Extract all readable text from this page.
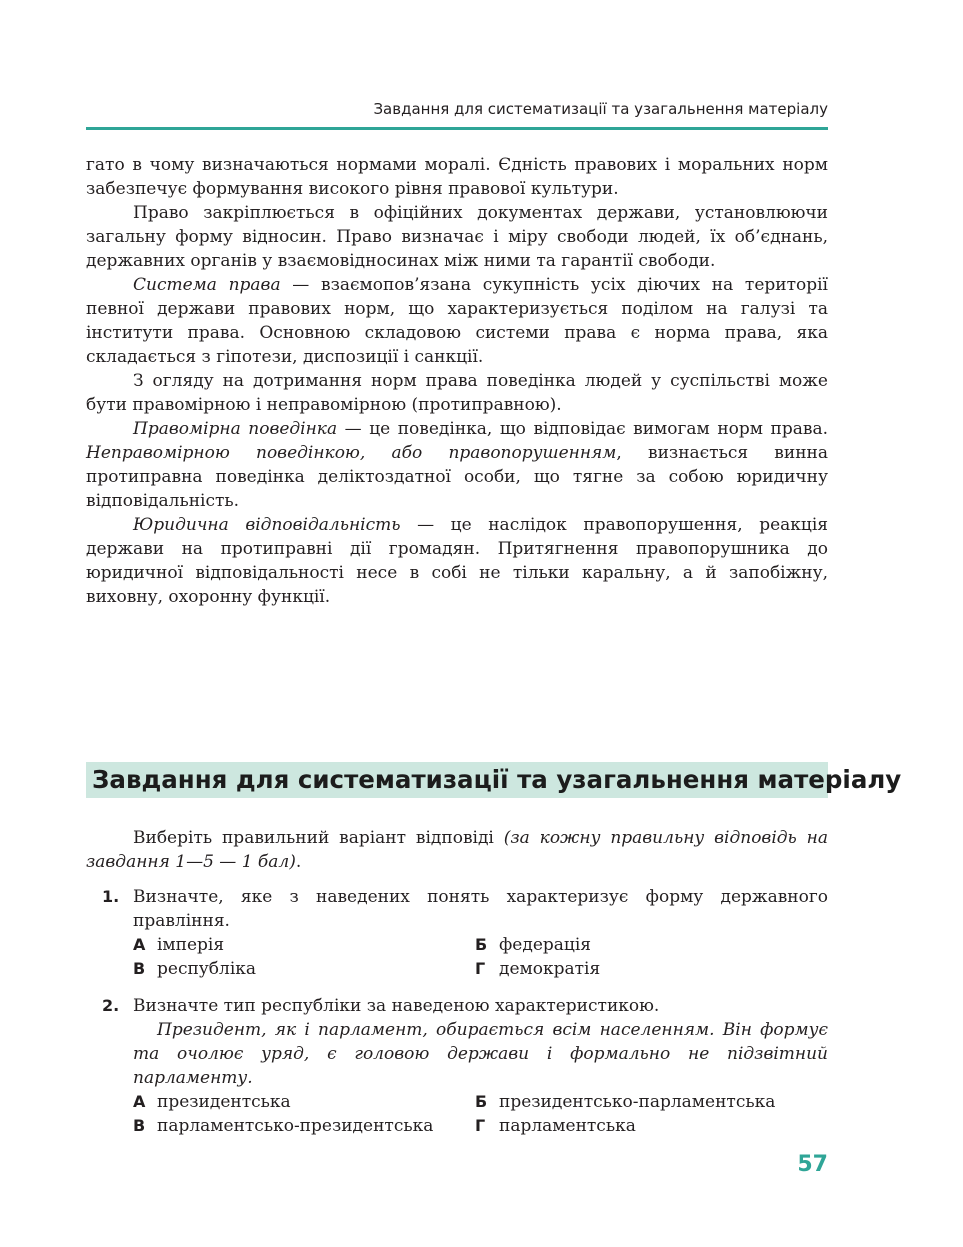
Завдання для систематизації та узагальнення матеріалу

гато в чому визначаються нормами моралі. Єдність правових і моральних норм забезпечує формування високого рівня правової культури.

Право закріплюється в офіційних документах держави, установлюючи загальну форму відносин. Право визначає і міру свободи людей, їх об’єднань, державних органів у взаємовідносинах між ними та гарантії свободи.

Система права — взаємопов’язана сукупність усіх діючих на території певної держави правових норм, що характеризується поділом на галузі та інститути права. Основною складовою системи права є норма права, яка складається з гіпотези, диспозиції і санкції.

З огляду на дотримання норм права поведінка людей у суспільстві може бути правомірною і неправомірною (протиправною).

Правомірна поведінка — це поведінка, що відповідає вимогам норм права. Неправомірною поведінкою, або правопорушенням, визнається винна протиправна поведінка деліктоздатної особи, що тягне за собою юридичну відповідальність.

Юридична відповідальність — це наслідок правопорушення, реакція держави на протиправні дії громадян. Притягнення правопорушника до юридичної відповідальності несе в собі не тільки каральну, а й запобіжну, виховну, охоронну функції.

Завдання для систематизації та узагальнення матеріалу

Виберіть правильний варіант відповіді (за кожну правильну відповідь на завдання 1—5 — 1 бал).

1. Визначте, яке з наведених понять характеризує форму державного правління.
А імперія	Б федерація
В республіка	Г демократія
2. Визначте тип республіки за наведеною характеристикою.
Президент, як і парламент, обирається всім населенням. Він формує та очолює уряд, є головою держави і формально не підзвітний парламенту.
А президентська	Б президентсько-парламентська
В парламентсько-президентська	Г парламентська
57
